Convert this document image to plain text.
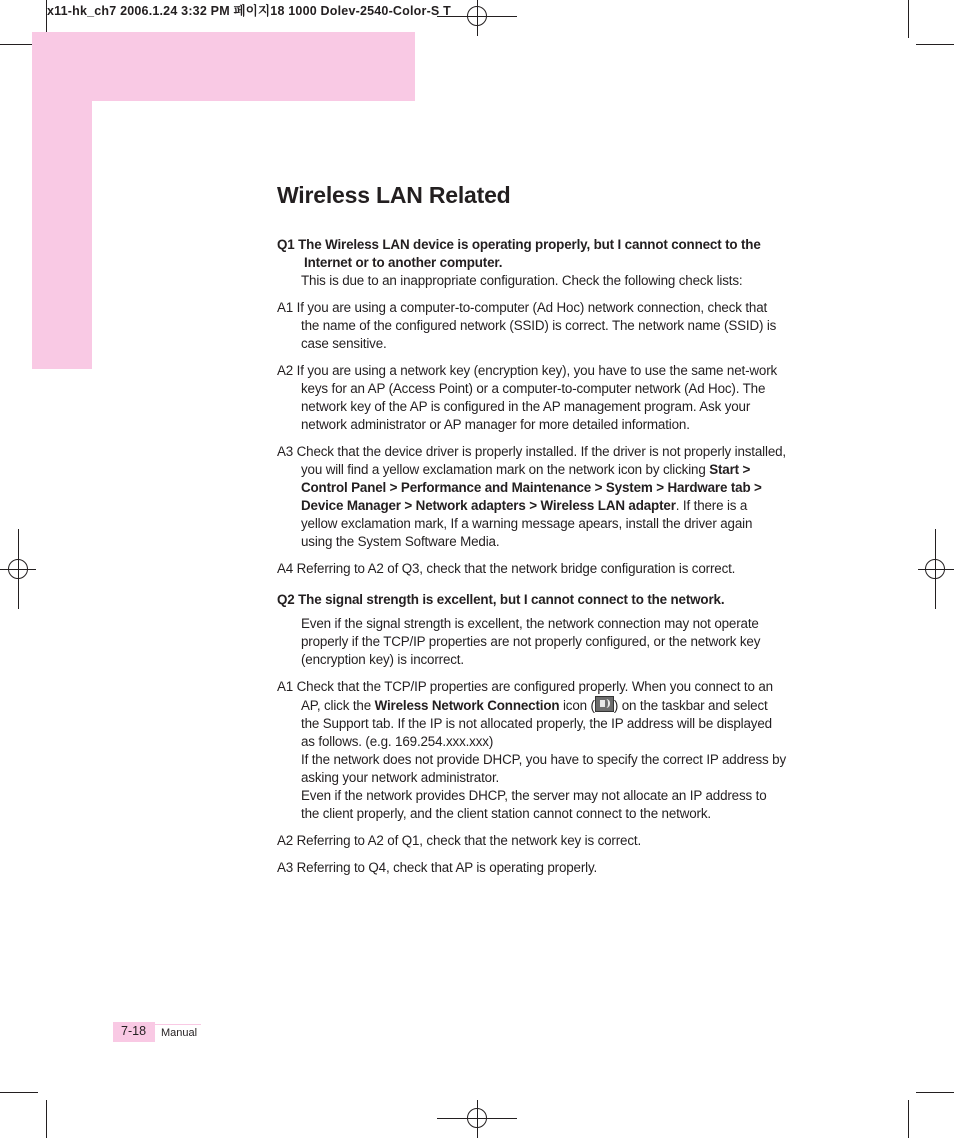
x11-hk_ch7 2006.1.24 3:32 PM 페이지18 1000 Dolev-2540-Color-S T
Wireless LAN Related

Q1 The Wireless LAN device is operating properly, but I cannot connect to the Internet or to another computer.

This is due to an inappropriate configuration. Check the following check lists:

A1 If you are using a computer-to-computer (Ad Hoc) network connection, check that the name of the configured network (SSID) is correct. The network name (SSID) is case sensitive.

A2 If you are using a network key (encryption key), you have to use the same net-work keys for an AP (Access Point) or a computer-to-computer network (Ad Hoc). The network key of the AP is configured in the AP management program. Ask your network administrator or AP manager for more detailed information.

A3 Check that the device driver is properly installed. If the driver is not properly installed, you will find a yellow exclamation mark on the network icon by clicking Start > Control Panel > Performance and Maintenance > System > Hardware tab > Device Manager > Network adapters > Wireless LAN adapter. If there is a yellow exclamation mark, If a warning message apears, install the driver again using the System Software Media.

A4 Referring to A2 of Q3, check that the network bridge configuration is correct.

Q2 The signal strength is excellent, but I cannot connect to the network.

Even if the signal strength is excellent, the network connection may not operate properly if the TCP/IP properties are not properly configured, or the network key (encryption key) is incorrect.

A1 Check that the TCP/IP properties are configured properly. When you connect to an AP, click the Wireless Network Connection icon ( ) on the taskbar and select the Support tab. If the IP is not allocated properly, the IP address will be displayed as follows. (e.g. 169.254.xxx.xxx)

If the network does not provide DHCP, you have to specify the correct IP address by asking your network administrator.

Even if the network provides DHCP, the server may not allocate an IP address to the client properly, and the client station cannot connect to the network.

A2 Referring to A2 of Q1, check that the network key is correct.

A3 Referring to Q4, check that AP is operating properly.

7-18 Manual
